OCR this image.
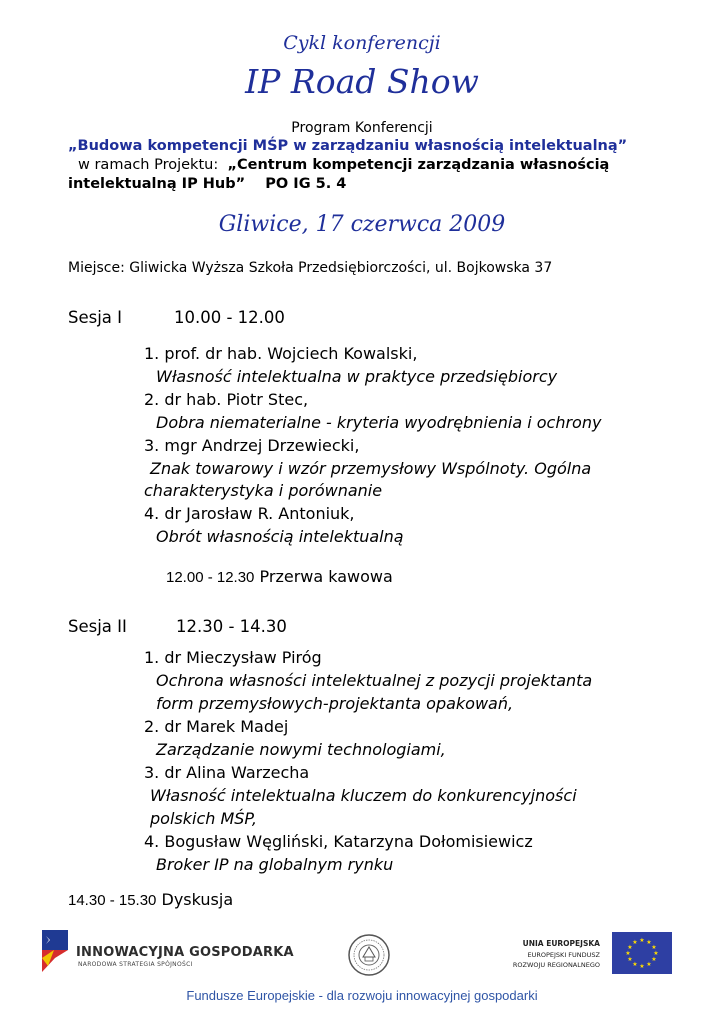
Cykl konferencji
IP Road Show
Program Konferencji
„Budowa kompetencji MŚP w zarządzaniu własnością intelektualną”
w ramach Projektu: „Centrum kompetencji zarządzania własnością
intelektualną IP Hub”    PO IG 5. 4
Gliwice, 17 czerwca 2009
Miejsce: Gliwicka Wyższa Szkoła Przedsiębiorczości, ul. Bojkowska 37
Sesja I	10.00 - 12.00
1. prof. dr hab. Wojciech Kowalski,
Własność intelektualna w praktyce przedsiębiorcy
2. dr hab. Piotr Stec,
Dobra niematerialne - kryteria wyodrębnienia i ochrony
3. mgr Andrzej Drzewiecki,
Znak towarowy i wzór przemysłowy Wspólnoty. Ogólna
charakterystyka i porównanie
4. dr Jarosław R. Antoniuk,
Obrót własnością intelektualną
12.00 - 12.30 Przerwa kawowa
Sesja II	12.30 - 14.30
1. dr Mieczysław Piróg
Ochrona własności intelektualnej z pozycji projektanta
form przemysłowych-projektanta opakowań,
2. dr Marek Madej
Zarządzanie nowymi technologiami,
3. dr Alina Warzecha
Własność intelektualna kluczem do konkurencyjności
polskich MŚP,
4. Bogusław Węgliński, Katarzyna Dołomisiewicz
Broker IP na globalnym rynku
14.30 - 15.30 Dyskusja
INNOWACYJNA GOSPODARKA
NARODOWA STRATEGIA SPÓJNOŚCI
UNIA EUROPEJSKA
EUROPEJSKI FUNDUSZ
ROZWOJU REGIONALNEGO
★ ★
★
★
★
★
★
★
★
★
★
★
Fundusze Europejskie - dla rozwoju innowacyjnej gospodarki
